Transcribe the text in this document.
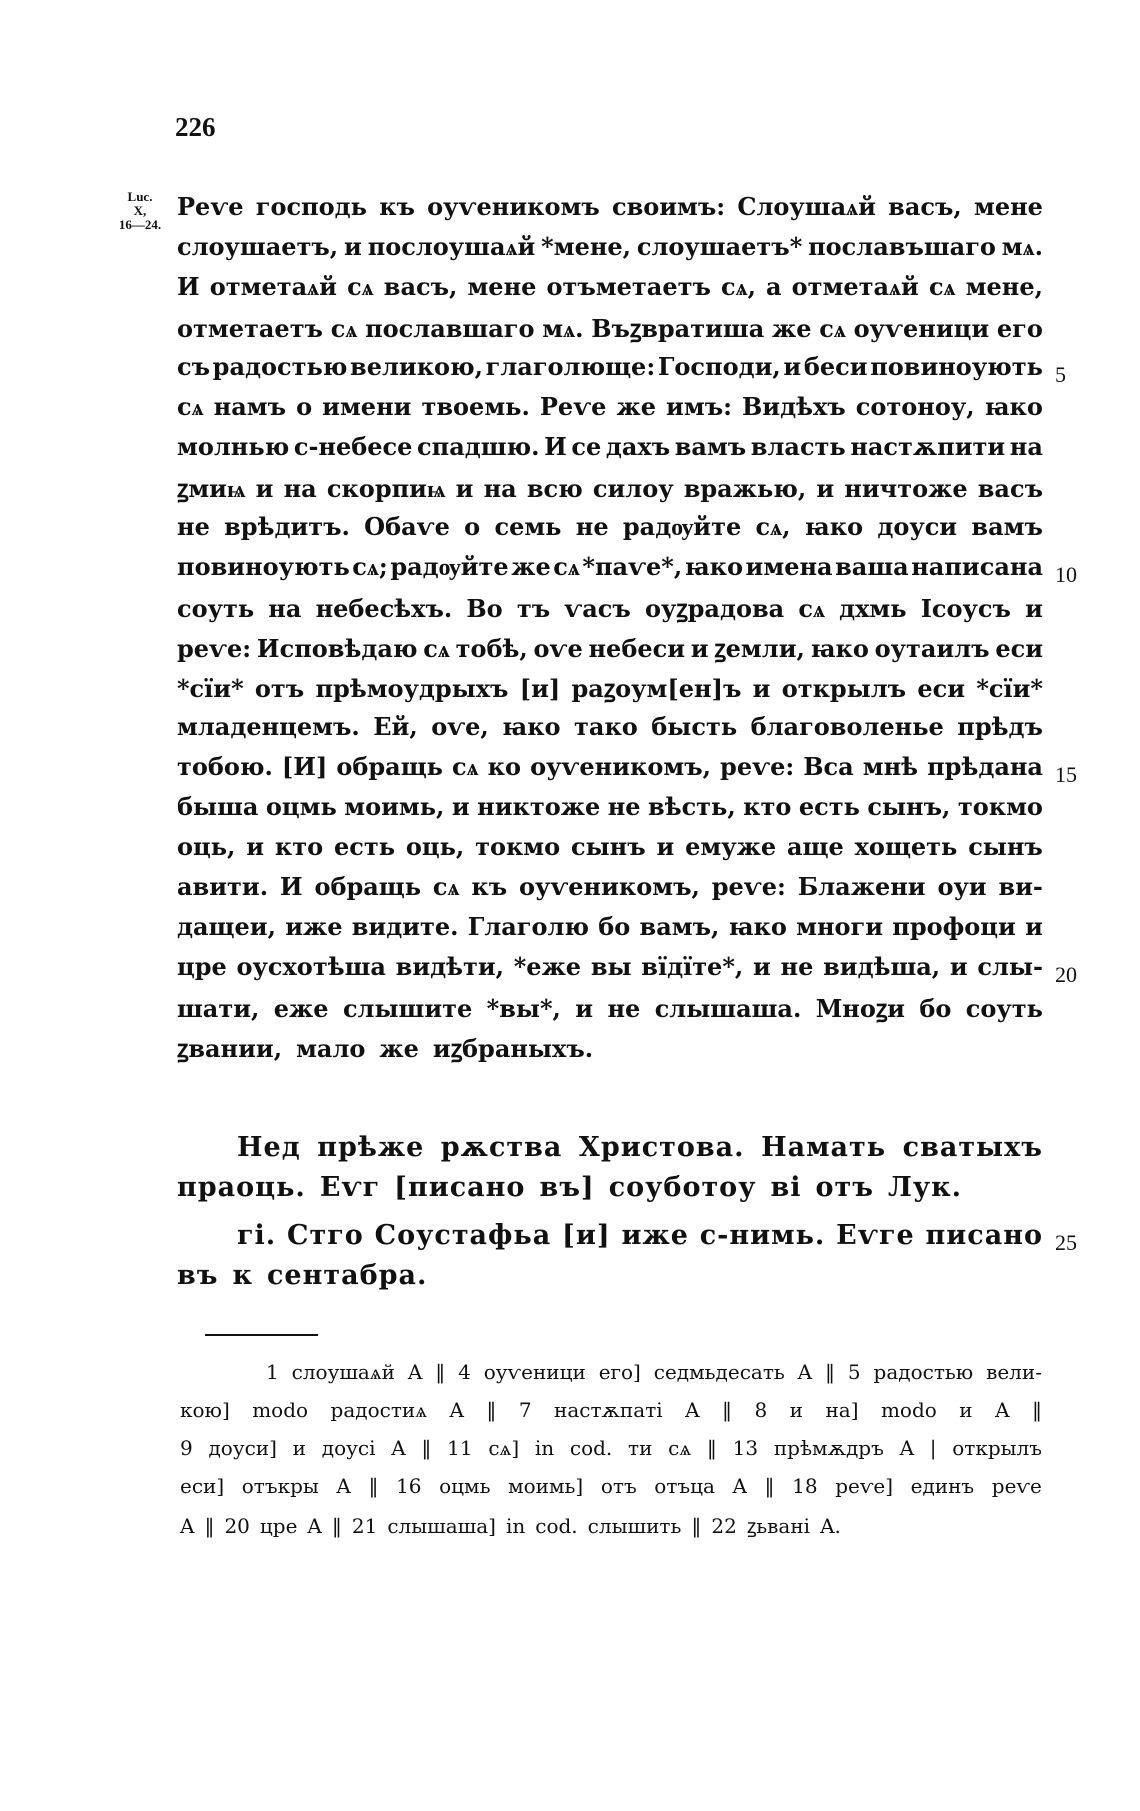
226
Luc.
X,
16—24.
Реѵе господь къ оуѵеникомъ своимъ: Слоушаѧй васъ, мене
слоушаетъ, и послоушаѧй *мене, слоушаетъ* пославъшаго мѧ.
И отметаѧй сѧ васъ, мене отъметаетъ сѧ, а отметаѧй сѧ мене,
отметаетъ сѧ пославшаго мѧ. Въꙁвратиша же сѧ оуѵеници его
съ радостью великою, глаголюще: Господи, и беси повиноують
сѧ намъ о имени твоемь. Реѵе же имъ: Видѣхъ сотоноу, ꙗко
молнью с-небесе спадшю. И се дахъ вамъ власть настѫпити на
ꙁмиѩ и на скорпиѩ и на всю силоу вражью, и ничтоже васъ
не врѣдитъ. Обаѵе о семь не радѹйте сѧ, ꙗко доуси вамъ
повиноують сѧ; радѹйте же сѧ *паѵе*, ꙗко имена ваша написана
соуть на небесѣхъ. Во тъ ѵасъ оуꙁрадова сѧ дхмь Ісоусъ и
реѵе: Исповѣдаю сѧ тобѣ, оѵе небеси и ꙁемли, ꙗко оутаилъ еси
*сїи* отъ прѣмоудрыхъ [и] раꙁоум[ен]ъ и открылъ еси *сїи*
младенцемъ. Ей, оѵе, ꙗко тако бысть благоволенье прѣдъ
тобою. [И] обращь сѧ ко оуѵеникомъ, реѵе: Вса мнѣ прѣдана
быша оцмь моимь, и никтоже не вѣсть, кто есть сынъ, токмо
оць, и кто есть оць, токмо сынъ и емуже аще хощеть сынъ
авити. И обращь сѧ къ оуѵеникомъ, реѵе: Блажени оуи ви-
дащеи, иже видите. Глаголю бо вамъ, ꙗко многи профоци и
цре оусхотѣша видѣти, *еже вы вїдїте*, и не видѣша, и слы-
шати, еже слышите *вы*, и не слышаша. Мноꙁи бо соуть
ꙁвании, мало же иꙁбраныхъ.
5
10
15
20
Нед прѣже рѫства Христова. Намать сватыхъ
праоць. Еѵг [писано въ] соуботоу ві отъ Лук.
гі. Стго Соустафьа [и] иже с-нимь. Еѵге писано
въ к сентабра.
25
1 слоушаѧй A ‖ 4 оуѵеници его] седмьдесать A ‖ 5 радостью вели-
кою] modo радостиѧ A ‖ 7 настѫпаті A ‖ 8 и на] modo и A ‖
9 доуси] и доусі A ‖ 11 сѧ] in cod. ти сѧ ‖ 13 прѣмѫдръ A | открылъ
еси] отъкры A ‖ 16 оцмь моимь] отъ отъца A ‖ 18 реѵе] единъ реѵе
A ‖ 20 цре A ‖ 21 слышаша] in cod. слышить ‖ 22 ꙁьвані A.
